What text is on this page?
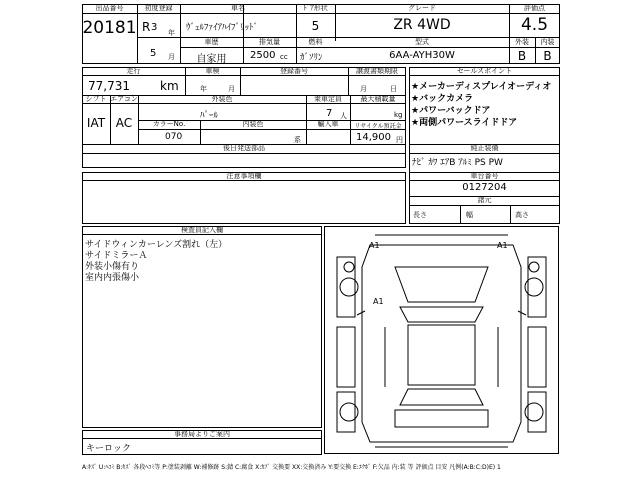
出品番号
20181
初度登録
R 3 年
5 月
車名
ｳﾞｪﾙﾌｧｲｱﾊｲﾌﾞﾘｯﾄﾞ
ﾄﾞｱ形状
5
グレード
ZR 4WD
評価点
4.5
外装	内装
B	B
車歴
自家用
排気量
2500 cc
燃料
ｶﾞｿﾘﾝ
型式
6AA-AYH30W
走行
77,731	km
車検
年	月
登録番号	譲渡書類期限
月	日
シフト
IAT
エアコン
AC
外装色
ﾊﾟｰﾙ
乗車定員
7 人
最大積載量
kg
カラーNo.
070
内装色
系
輸入車	リサイクル預託金
14,900 円
後日発送部品
注意事項欄
セールスポイント
★メーカーディスプレイオーディオ
★バックカメラ
★パワーバックドア
★両側パワースライドドア
純正装備
ﾅﾋﾞ ｶﾜ ｴｱB ｱﾙﾐ PS PW
車台番号
0127204
諸元
長さ	幅	高さ
検査員記入欄
サイドウィンカーレンズ割れ（左）
サイドミラーＡ
外装小傷有り
室内内張傷小
事務局よりご案内
キーロック
A1	A1
A1
A:ｷｽﾞ U:ﾍｺﾐ B:ｷｽﾞ 各段ﾍｺﾐ等 P:塗装剥離 W:補修跡 S:錆 C:腐食 X:ｶﾌﾞ 交換要 XX:交換済み Y:要交換 E:ｴｸﾎﾞ F:欠品 内:装 等 評価点 目安 凡例(A:B:C:D)E) 1
